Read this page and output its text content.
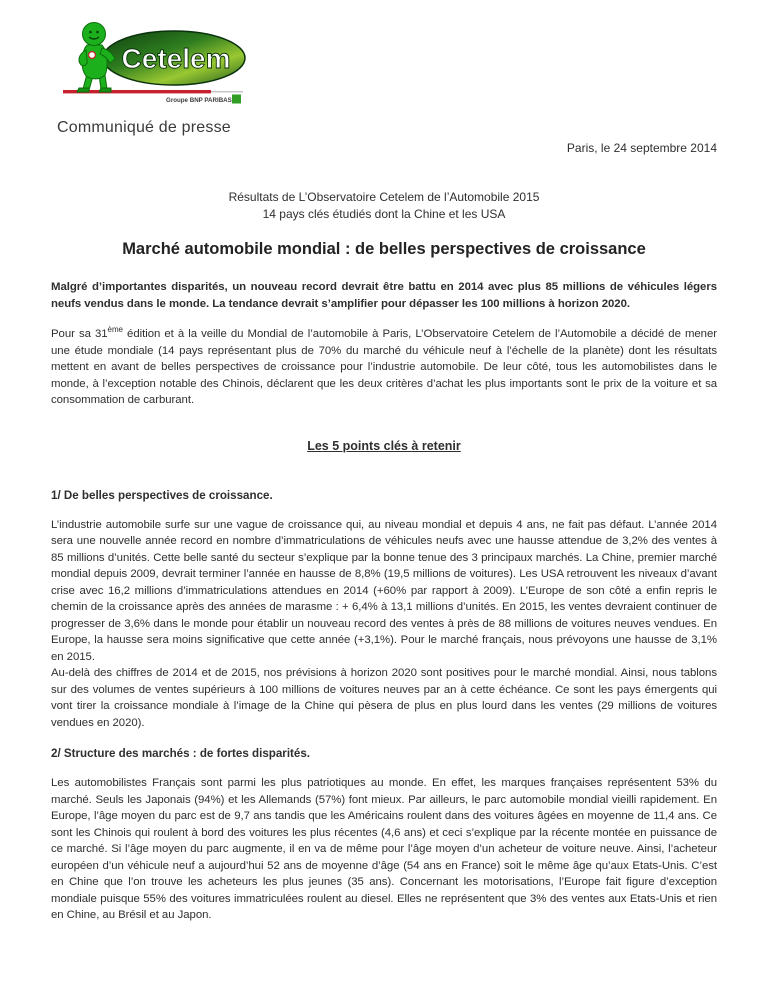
Cetelem
Groupe BNP PARIBAS
Communiqué de presse
Paris, le 24 septembre 2014
Résultats de L’Observatoire Cetelem de l’Automobile 2015
14 pays clés étudiés dont la Chine et les USA
Marché automobile mondial : de belles perspectives de croissance

Malgré d’importantes disparités, un nouveau record devrait être battu en 2014 avec plus 85 millions de véhicules légers neufs vendus dans le monde. La tendance devrait s’amplifier pour dépasser les 100 millions à horizon 2020.

Pour sa 31ème édition et à la veille du Mondial de l’automobile à Paris, L’Observatoire Cetelem de l’Automobile a décidé de mener une étude mondiale (14 pays représentant plus de 70% du marché du véhicule neuf à l’échelle de la planète) dont les résultats mettent en avant de belles perspectives de croissance pour l’industrie automobile. De leur côté, tous les automobilistes dans le monde, à l’exception notable des Chinois, déclarent que les deux critères d’achat les plus importants sont le prix de la voiture et sa consommation de carburant.

Les 5 points clés à retenir
1/ De belles perspectives de croissance.

L’industrie automobile surfe sur une vague de croissance qui, au niveau mondial et depuis 4 ans, ne fait pas défaut. L’année 2014 sera une nouvelle année record en nombre d’immatriculations de véhicules neufs avec une hausse attendue de 3,2% des ventes à 85 millions d’unités. Cette belle santé du secteur s’explique par la bonne tenue des 3 principaux marchés. La Chine, premier marché mondial depuis 2009, devrait terminer l’année en hausse de 8,8% (19,5 millions de voitures). Les USA retrouvent les niveaux d’avant crise avec 16,2 millions d’immatriculations attendues en 2014 (+60% par rapport à 2009). L’Europe de son côté a enfin repris le chemin de la croissance après des années de marasme : + 6,4% à 13,1 millions d’unités. En 2015, les ventes devraient continuer de progresser de 3,6% dans le monde pour établir un nouveau record des ventes à près de 88 millions de voitures neuves vendues. En Europe, la hausse sera moins significative que cette année (+3,1%). Pour le marché français, nous prévoyons une hausse de 3,1% en 2015.

Au-delà des chiffres de 2014 et de 2015, nos prévisions à horizon 2020 sont positives pour le marché mondial. Ainsi, nous tablons sur des volumes de ventes supérieurs à 100 millions de voitures neuves par an à cette échéance. Ce sont les pays émergents qui vont tirer la croissance mondiale à l’image de la Chine qui pèsera de plus en plus lourd dans les ventes (29 millions de voitures vendues en 2020).

2/ Structure des marchés : de fortes disparités.

Les automobilistes Français sont parmi les plus patriotiques au monde. En effet, les marques françaises représentent 53% du marché. Seuls les Japonais (94%) et les Allemands (57%) font mieux. Par ailleurs, le parc automobile mondial vieilli rapidement. En Europe, l’âge moyen du parc est de 9,7 ans tandis que les Américains roulent dans des voitures âgées en moyenne de 11,4 ans. Ce sont les Chinois qui roulent à bord des voitures les plus récentes (4,6 ans) et ceci s’explique par la récente montée en puissance de ce marché. Si l’âge moyen du parc augmente, il en va de même pour l’âge moyen d’un acheteur de voiture neuve. Ainsi, l’acheteur européen d’un véhicule neuf a aujourd’hui 52 ans de moyenne d’âge (54 ans en France) soit le même âge qu’aux Etats-Unis. C’est en Chine que l’on trouve les acheteurs les plus jeunes (35 ans). Concernant les motorisations, l’Europe fait figure d’exception mondiale puisque 55% des voitures immatriculées roulent au diesel. Elles ne représentent que 3% des ventes aux Etats-Unis et rien en Chine, au Brésil et au Japon.
